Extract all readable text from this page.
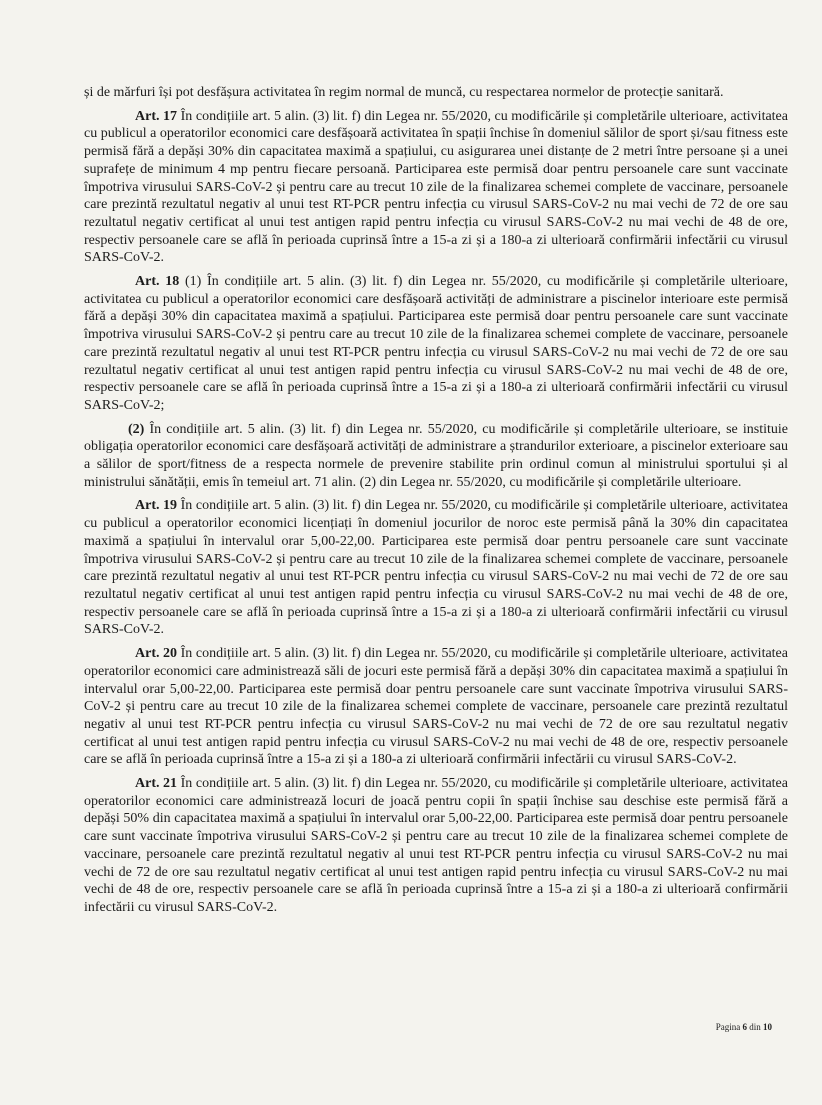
și de mărfuri își pot desfășura activitatea în regim normal de muncă, cu respectarea normelor de protecție sanitară.

Art. 17 În condițiile art. 5 alin. (3) lit. f) din Legea nr. 55/2020, cu modificările și completările ulterioare, activitatea cu publicul a operatorilor economici care desfășoară activitatea în spații închise în domeniul sălilor de sport și/sau fitness este permisă fără a depăși 30% din capacitatea maximă a spațiului, cu asigurarea unei distanțe de 2 metri între persoane și a unei suprafețe de minimum 4 mp pentru fiecare persoană. Participarea este permisă doar pentru persoanele care sunt vaccinate împotriva virusului SARS-CoV-2 și pentru care au trecut 10 zile de la finalizarea schemei complete de vaccinare, persoanele care prezintă rezultatul negativ al unui test RT-PCR pentru infecția cu virusul SARS-CoV-2 nu mai vechi de 72 de ore sau rezultatul negativ certificat al unui test antigen rapid pentru infecția cu virusul SARS-CoV-2 nu mai vechi de 48 de ore, respectiv persoanele care se află în perioada cuprinsă între a 15-a zi și a 180-a zi ulterioară confirmării infectării cu virusul SARS-CoV-2.

Art. 18 (1) În condițiile art. 5 alin. (3) lit. f) din Legea nr. 55/2020, cu modificările și completările ulterioare, activitatea cu publicul a operatorilor economici care desfășoară activități de administrare a piscinelor interioare este permisă fără a depăși 30% din capacitatea maximă a spațiului. Participarea este permisă doar pentru persoanele care sunt vaccinate împotriva virusului SARS-CoV-2 și pentru care au trecut 10 zile de la finalizarea schemei complete de vaccinare, persoanele care prezintă rezultatul negativ al unui test RT-PCR pentru infecția cu virusul SARS-CoV-2 nu mai vechi de 72 de ore sau rezultatul negativ certificat al unui test antigen rapid pentru infecția cu virusul SARS-CoV-2 nu mai vechi de 48 de ore, respectiv persoanele care se află în perioada cuprinsă între a 15-a zi și a 180-a zi ulterioară confirmării infectării cu virusul SARS-CoV-2;

(2) În condițiile art. 5 alin. (3) lit. f) din Legea nr. 55/2020, cu modificările și completările ulterioare, se instituie obligația operatorilor economici care desfășoară activități de administrare a ștrandurilor exterioare, a piscinelor exterioare sau a sălilor de sport/fitness de a respecta normele de prevenire stabilite prin ordinul comun al ministrului sportului și al ministrului sănătății, emis în temeiul art. 71 alin. (2) din Legea nr. 55/2020, cu modificările și completările ulterioare.

Art. 19 În condițiile art. 5 alin. (3) lit. f) din Legea nr. 55/2020, cu modificările și completările ulterioare, activitatea cu publicul a operatorilor economici licențiați în domeniul jocurilor de noroc este permisă până la 30% din capacitatea maximă a spațiului în intervalul orar 5,00-22,00. Participarea este permisă doar pentru persoanele care sunt vaccinate împotriva virusului SARS-CoV-2 și pentru care au trecut 10 zile de la finalizarea schemei complete de vaccinare, persoanele care prezintă rezultatul negativ al unui test RT-PCR pentru infecția cu virusul SARS-CoV-2 nu mai vechi de 72 de ore sau rezultatul negativ certificat al unui test antigen rapid pentru infecția cu virusul SARS-CoV-2 nu mai vechi de 48 de ore, respectiv persoanele care se află în perioada cuprinsă între a 15-a zi și a 180-a zi ulterioară confirmării infectării cu virusul SARS-CoV-2.

Art. 20 În condițiile art. 5 alin. (3) lit. f) din Legea nr. 55/2020, cu modificările și completările ulterioare, activitatea operatorilor economici care administrează săli de jocuri este permisă fără a depăși 30% din capacitatea maximă a spațiului în intervalul orar 5,00-22,00. Participarea este permisă doar pentru persoanele care sunt vaccinate împotriva virusului SARS-CoV-2 și pentru care au trecut 10 zile de la finalizarea schemei complete de vaccinare, persoanele care prezintă rezultatul negativ al unui test RT-PCR pentru infecția cu virusul SARS-CoV-2 nu mai vechi de 72 de ore sau rezultatul negativ certificat al unui test antigen rapid pentru infecția cu virusul SARS-CoV-2 nu mai vechi de 48 de ore, respectiv persoanele care se află în perioada cuprinsă între a 15-a zi și a 180-a zi ulterioară confirmării infectării cu virusul SARS-CoV-2.

Art. 21 În condițiile art. 5 alin. (3) lit. f) din Legea nr. 55/2020, cu modificările și completările ulterioare, activitatea operatorilor economici care administrează locuri de joacă pentru copii în spații închise sau deschise este permisă fără a depăși 50% din capacitatea maximă a spațiului în intervalul orar 5,00-22,00. Participarea este permisă doar pentru persoanele care sunt vaccinate împotriva virusului SARS-CoV-2 și pentru care au trecut 10 zile de la finalizarea schemei complete de vaccinare, persoanele care prezintă rezultatul negativ al unui test RT-PCR pentru infecția cu virusul SARS-CoV-2 nu mai vechi de 72 de ore sau rezultatul negativ certificat al unui test antigen rapid pentru infecția cu virusul SARS-CoV-2 nu mai vechi de 48 de ore, respectiv persoanele care se află în perioada cuprinsă între a 15-a zi și a 180-a zi ulterioară confirmării infectării cu virusul SARS-CoV-2.

Pagina 6 din 10
